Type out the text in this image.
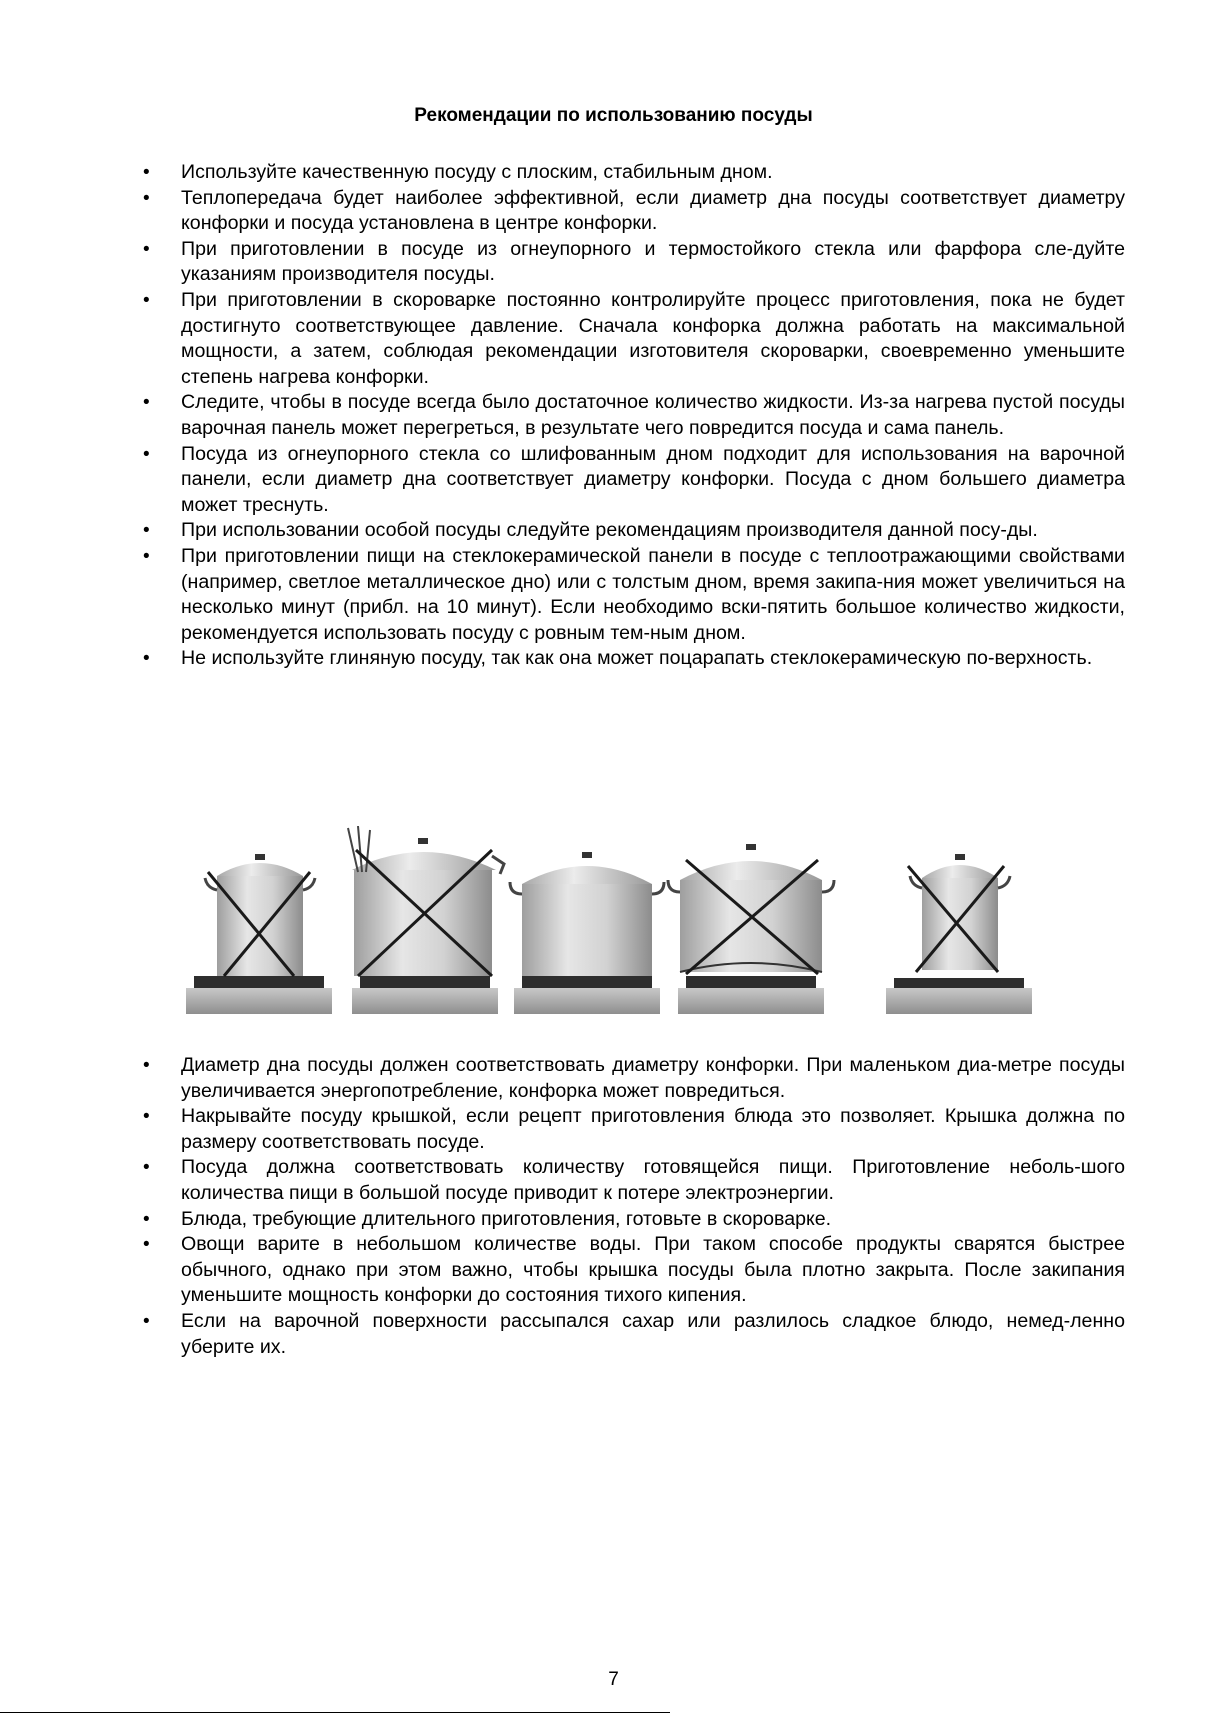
Рекомендации по использованию посуды
• Используйте качественную посуду с плоским, стабильным дном.
• Теплопередача будет наиболее эффективной, если диаметр дна посуды соответствует диаметру конфорки и посуда установлена в центре конфорки.
• При приготовлении в посуде из огнеупорного и термостойкого стекла или фарфора сле-дуйте указаниям производителя посуды.
• При приготовлении в скороварке постоянно контролируйте процесс приготовления, пока не будет достигнуто соответствующее давление. Сначала конфорка должна работать на максимальной мощности, а затем, соблюдая рекомендации изготовителя скороварки, своевременно уменьшите степень нагрева конфорки.
• Следите, чтобы в посуде всегда было достаточное количество жидкости. Из-за нагрева пустой посуды варочная панель может перегреться, в результате чего повредится посуда и сама панель.
• Посуда из огнеупорного стекла со шлифованным дном подходит для использования на варочной панели, если диаметр дна соответствует диаметру конфорки. Посуда с дном большего диаметра может треснуть.
• При использовании особой посуды следуйте рекомендациям производителя данной посу-ды.
• При приготовлении пищи на стеклокерамической панели в посуде с теплоотражающими свойствами (например, светлое металлическое дно) или с толстым дном, время закипа-ния может увеличиться на несколько минут (прибл. на 10 минут). Если необходимо вски-пятить большое количество жидкости, рекомендуется использовать посуду с ровным тем-ным дном.
• Не используйте глиняную посуду, так как она может поцарапать стеклокерамическую по-верхность.
• Диаметр дна посуды должен соответствовать диаметру конфорки. При маленьком диа-метре посуды увеличивается энергопотребление, конфорка может повредиться.
• Накрывайте посуду крышкой, если рецепт приготовления блюда это позволяет. Крышка должна по размеру соответствовать посуде.
• Посуда должна соответствовать количеству готовящейся пищи. Приготовление неболь-шого количества пищи в большой посуде приводит к потере электроэнергии.
• Блюда, требующие длительного приготовления, готовьте в скороварке.
• Овощи варите в небольшом количестве воды. При таком способе продукты сварятся быстрее обычного, однако при этом важно, чтобы крышка посуды была плотно закрыта. После закипания уменьшите мощность конфорки до состояния тихого кипения.
• Если на варочной поверхности рассыпался сахар или разлилось сладкое блюдо, немед-ленно уберите их.
7
